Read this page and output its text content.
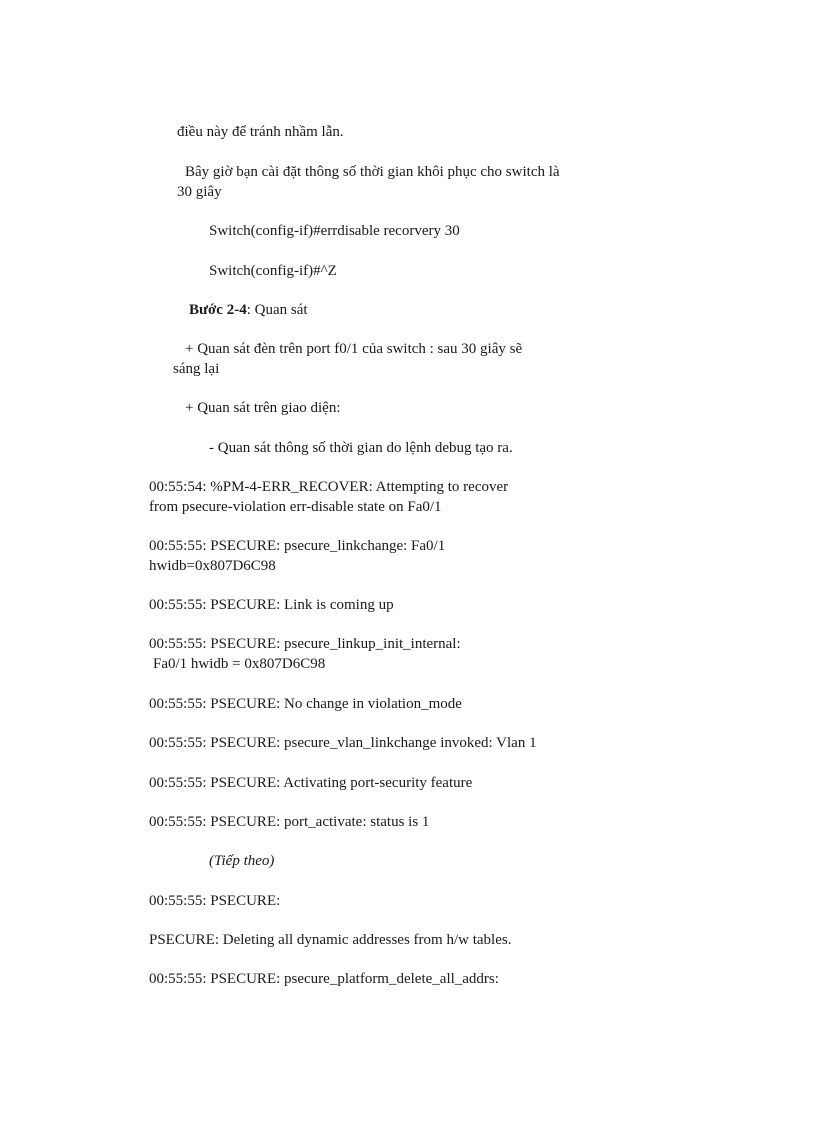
điều này để tránh nhầm lẫn.

Bây giờ bạn cài đặt thông số thời gian khôi phục cho switch là

30 giây

Switch(config-if)#errdisable recorvery 30

Switch(config-if)#^Z

Bước 2-4: Quan sát

+ Quan sát đèn trên port f0/1 của switch : sau 30 giây sẽ

sáng lại

+ Quan sát trên giao diện:

- Quan sát thông số thời gian do lệnh debug tạo ra.

00:55:54: %PM-4-ERR_RECOVER: Attempting to recover

from psecure-violation err-disable state on Fa0/1

00:55:55: PSECURE: psecure_linkchange: Fa0/1

hwidb=0x807D6C98

00:55:55: PSECURE: Link is coming up

00:55:55: PSECURE: psecure_linkup_init_internal:

Fa0/1 hwidb = 0x807D6C98

00:55:55: PSECURE: No change in violation_mode

00:55:55: PSECURE: psecure_vlan_linkchange invoked: Vlan 1

00:55:55: PSECURE: Activating port-security feature

00:55:55: PSECURE: port_activate: status is 1

(Tiếp theo)

00:55:55: PSECURE:

PSECURE: Deleting all dynamic addresses from h/w tables.

00:55:55: PSECURE: psecure_platform_delete_all_addrs:
